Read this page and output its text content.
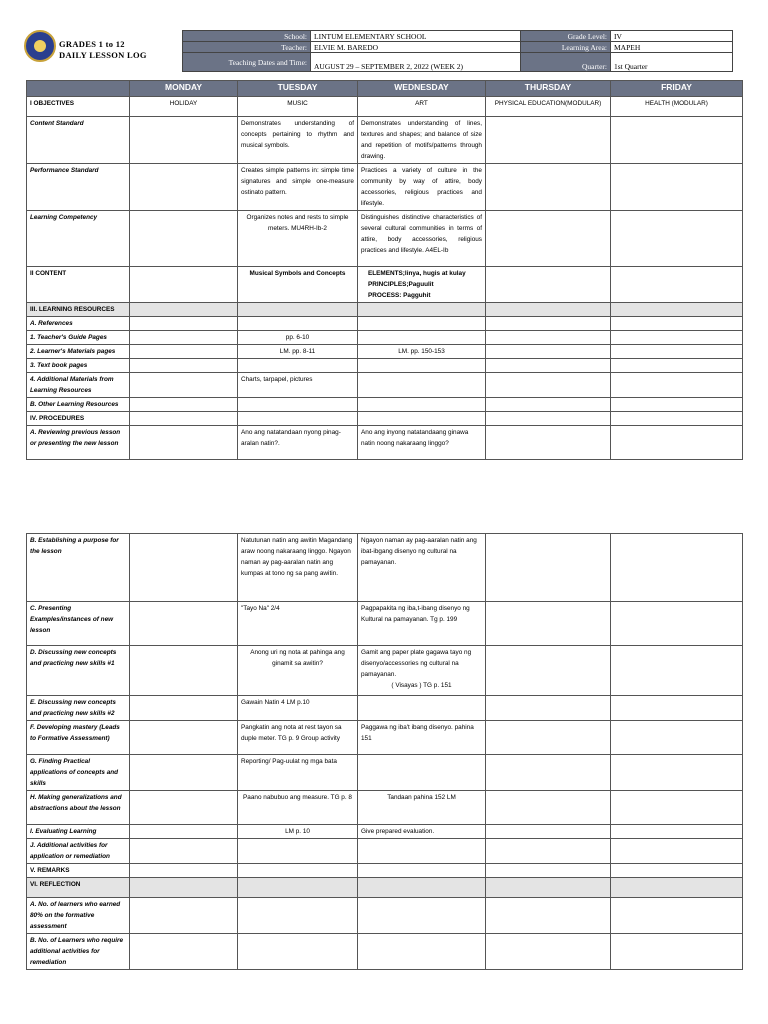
GRADES 1 to 12
DAILY LESSON LOG
School:	LINTUM ELEMENTARY SCHOOL	Grade Level:	IV
Teacher:	ELVIE M. BAREDO	Learning Area:	MAPEH
Teaching Dates and Time:	AUGUST 29 – SEPTEMBER 2, 2022 (WEEK 2)	Quarter:	1st Quarter
	MONDAY	TUESDAY	WEDNESDAY	THURSDAY	FRIDAY
I OBJECTIVES	HOLIDAY	MUSIC	ART	PHYSICAL EDUCATION(MODULAR)	HEALTH (MODULAR)
Content Standard		Demonstrates understanding of concepts pertaining to rhythm and musical symbols.	Demonstrates understanding of lines, textures and shapes; and balance of size and repetition of motifs/patterns through drawing.		
Performance Standard		Creates simple patterns in: simple time signatures and simple one-measure ostinato pattern.	Practices a variety of culture in the community by way of attire, body accessories, religious practices and lifestyle.		
Learning Competency		Organizes notes and rests to simple meters. MU4RH-Ib-2	Distinguishes distinctive characteristics of several cultural communities in terms of attire, body accessories, religious practices and lifestyle. A4EL-Ib		
II CONTENT		Musical Symbols and Concepts	ELEMENTS;linya, hugis at kulay
PRINCIPLES;Paguulit
PROCESS: Pagguhit		

III. LEARNING RESOURCES					
A. References					
1. Teacher's Guide Pages		pp. 6-10			
2. Learner's Materials pages		LM. pp. 8-11	LM. pp. 150-153		
3. Text book pages					
4. Additional Materials from Learning Resources		Charts, tarpapel, pictures			
B. Other Learning Resources					
IV. PROCEDURES					
A. Reviewing previous lesson or presenting the new lesson		Ano ang natatandaan nyong pinag-aralan natin?.	Ano ang inyong natatandaang ginawa natin noong nakaraang linggo?		
B. Establishing a purpose for the lesson		Natutunan natin ang awitin Magandang araw noong nakaraang linggo. Ngayon naman ay pag-aaralan natin ang kumpas at tono ng sa pang awitin.	Ngayon naman ay pag-aaralan natin ang ibat-ibgang disenyo ng cultural na pamayanan.		
C. Presenting Examples/instances of new lesson		"Tayo Na" 2/4	Pagpapakita ng iba,t-ibang disenyo ng Kultural na pamayanan. Tg p. 199		
D. Discussing new concepts and practicing new skills #1		Anong uri ng nota at pahinga ang ginamit sa awitin?	Gamit ang paper plate gagawa tayo ng disenyo/accessories ng cultural na pamayanan.
( Visayas ) TG p. 151		

E. Discussing new concepts and practicing new skills #2		Gawain Natin 4 LM p.10			
F. Developing mastery (Leads to Formative Assessment)		Pangkatin ang nota at rest tayon sa duple meter. TG p. 9 Group activity	Paggawa ng iba't ibang disenyo. pahina 151		
G. Finding Practical applications of concepts and skills		Reporting/ Pag-uulat ng mga bata			
H. Making generalizations and abstractions about the lesson		Paano nabubuo ang measure. TG p. 8	Tandaan pahina 152 LM		
I. Evaluating Learning		LM p. 10	Give prepared evaluation.		
J. Additional activities for application or remediation					
V. REMARKS					
VI. REFLECTION					
A. No. of learners who earned 80% on the formative assessment					
B. No. of Learners who require additional activities for remediation					
